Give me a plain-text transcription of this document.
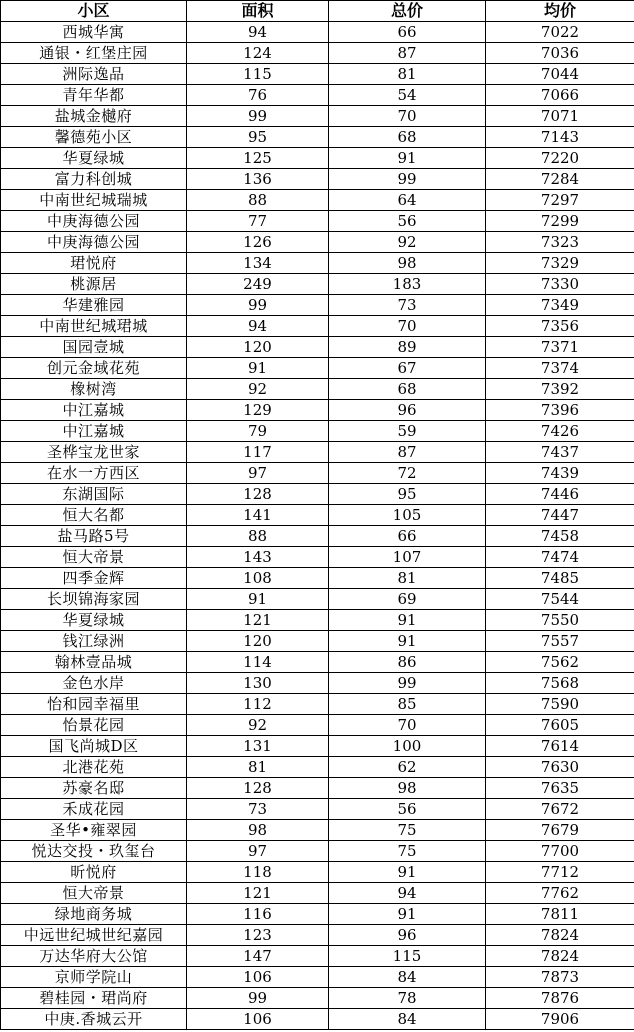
小区	面积	总价	均价
西城华寓	94	66	7022
通银・红堡庄园	124	87	7036
洲际逸品	115	81	7044
青年华都	76	54	7066
盐城金樾府	99	70	7071
馨德苑小区	95	68	7143
华夏绿城	125	91	7220
富力科创城	136	99	7284
中南世纪城瑞城	88	64	7297
中庚海德公园	77	56	7299
中庚海德公园	126	92	7323
珺悦府	134	98	7329
桃源居	249	183	7330
华建雅园	99	73	7349
中南世纪城珺城	94	70	7356
国园壹城	120	89	7371
创元金域花苑	91	67	7374
橡树湾	92	68	7392
中江嘉城	129	96	7396
中江嘉城	79	59	7426
圣桦宝龙世家	117	87	7437
在水一方西区	97	72	7439
东湖国际	128	95	7446
恒大名都	141	105	7447
盐马路5号	88	66	7458
恒大帝景	143	107	7474
四季金辉	108	81	7485
长坝锦海家园	91	69	7544
华夏绿城	121	91	7550
钱江绿洲	120	91	7557
翰林壹品城	114	86	7562
金色水岸	130	99	7568
怡和园幸福里	112	85	7590
怡景花园	92	70	7605
国飞尚城D区	131	100	7614
北港花苑	81	62	7630
苏豪名邸	128	98	7635
禾成花园	73	56	7672
圣华•雍翠园	98	75	7679
悦达交投・玖玺台	97	75	7700
昕悦府	118	91	7712
恒大帝景	121	94	7762
绿地商务城	116	91	7811
中远世纪城世纪嘉园	123	96	7824
万达华府大公馆	147	115	7824
京师学院山	106	84	7873
碧桂园・珺尚府	99	78	7876
中庚.香城云开	106	84	7906
